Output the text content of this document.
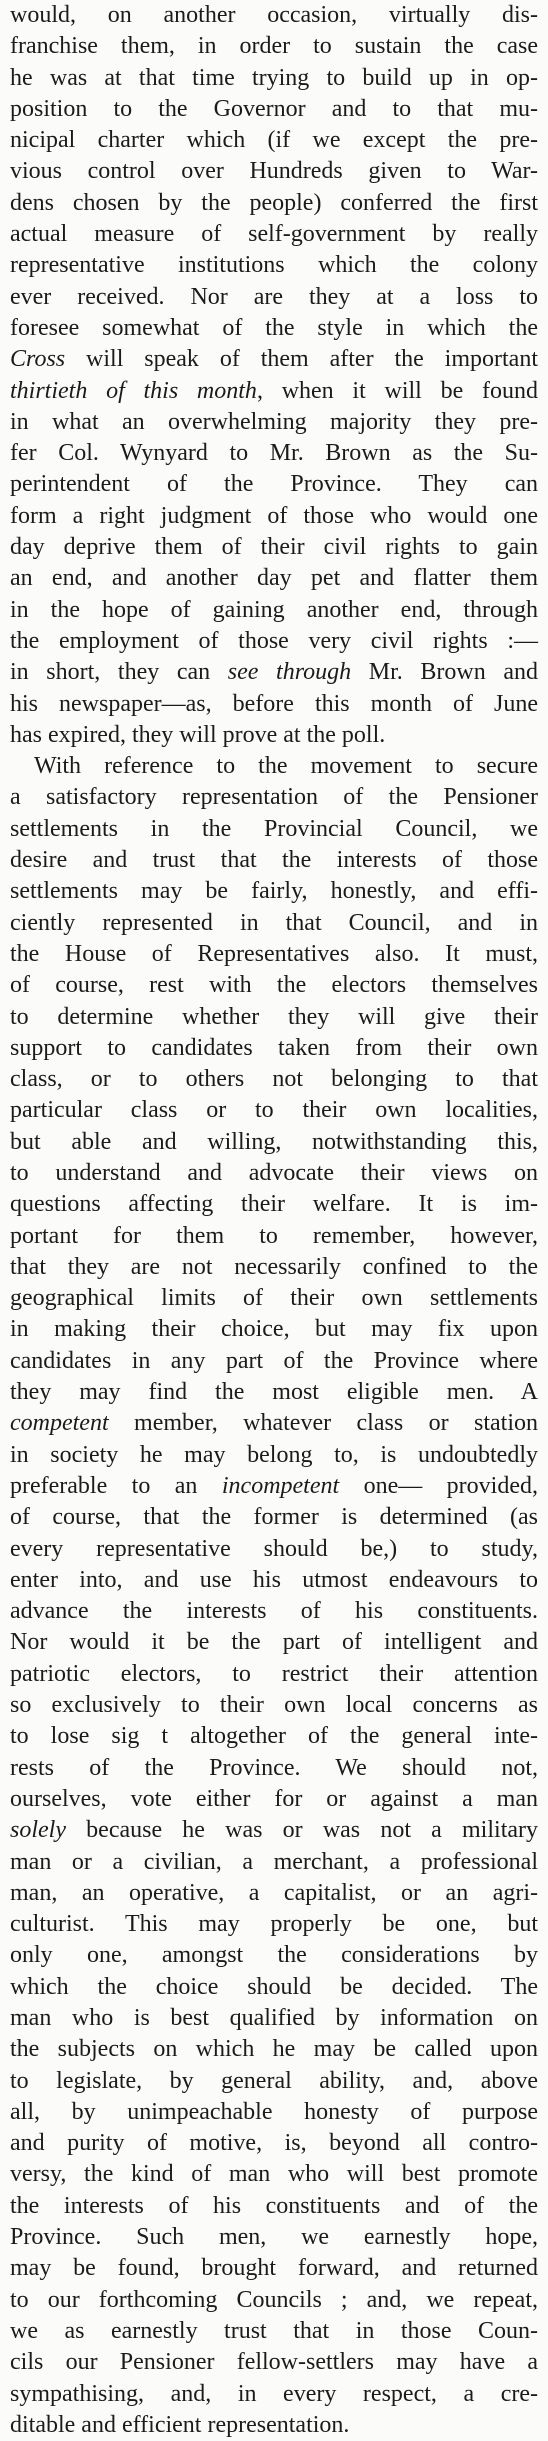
would, on another occasion, virtually dis-
franchise them, in order to sustain the case
he was at that time trying to build up in op-
position to the Governor and to that mu-
nicipal charter which (if we except the pre-
vious control over Hundreds given to War-
dens chosen by the people) conferred the first
actual measure of self-government by really
representative institutions which the colony
ever received. Nor are they at a loss to
foresee somewhat of the style in which the
Cross will speak of them after the important
thirtieth of this month, when it will be found
in what an overwhelming majority they pre-
fer Col. Wynyard to Mr. Brown as the Su-
perintendent of the Province. They can
form a right judgment of those who would one
day deprive them of their civil rights to gain
an end, and another day pet and flatter them
in the hope of gaining another end, through
the employment of those very civil rights :—
in short, they can see through Mr. Brown and
his newspaper—as, before this month of June
has expired, they will prove at the poll.
With reference to the movement to secure
a satisfactory representation of the Pensioner
settlements in the Provincial Council, we
desire and trust that the interests of those
settlements may be fairly, honestly, and effi-
ciently represented in that Council, and in
the House of Representatives also. It must,
of course, rest with the electors themselves
to determine whether they will give their
support to candidates taken from their own
class, or to others not belonging to that
particular class or to their own localities,
but able and willing, notwithstanding this,
to understand and advocate their views on
questions affecting their welfare. It is im-
portant for them to remember, however,
that they are not necessarily confined to the
geographical limits of their own settlements
in making their choice, but may fix upon
candidates in any part of the Province where
they may find the most eligible men. A
competent member, whatever class or station
in society he may belong to, is undoubtedly
preferable to an incompetent one— provided,
of course, that the former is determined (as
every representative should be,) to study,
enter into, and use his utmost endeavours to
advance the interests of his constituents.
Nor would it be the part of intelligent and
patriotic electors, to restrict their attention
so exclusively to their own local concerns as
to lose sig t altogether of the general inte-
rests of the Province. We should not,
ourselves, vote either for or against a man
solely because he was or was not a military
man or a civilian, a merchant, a professional
man, an operative, a capitalist, or an agri-
culturist. This may properly be one, but
only one, amongst the considerations by
which the choice should be decided. The
man who is best qualified by information on
the subjects on which he may be called upon
to legislate, by general ability, and, above
all, by unimpeachable honesty of purpose
and purity of motive, is, beyond all contro-
versy, the kind of man who will best promote
the interests of his constituents and of the
Province. Such men, we earnestly hope,
may be found, brought forward, and returned
to our forthcoming Councils ; and, we repeat,
we as earnestly trust that in those Coun-
cils our Pensioner fellow-settlers may have a
sympathising, and, in every respect, a cre-
ditable and efficient representation.
